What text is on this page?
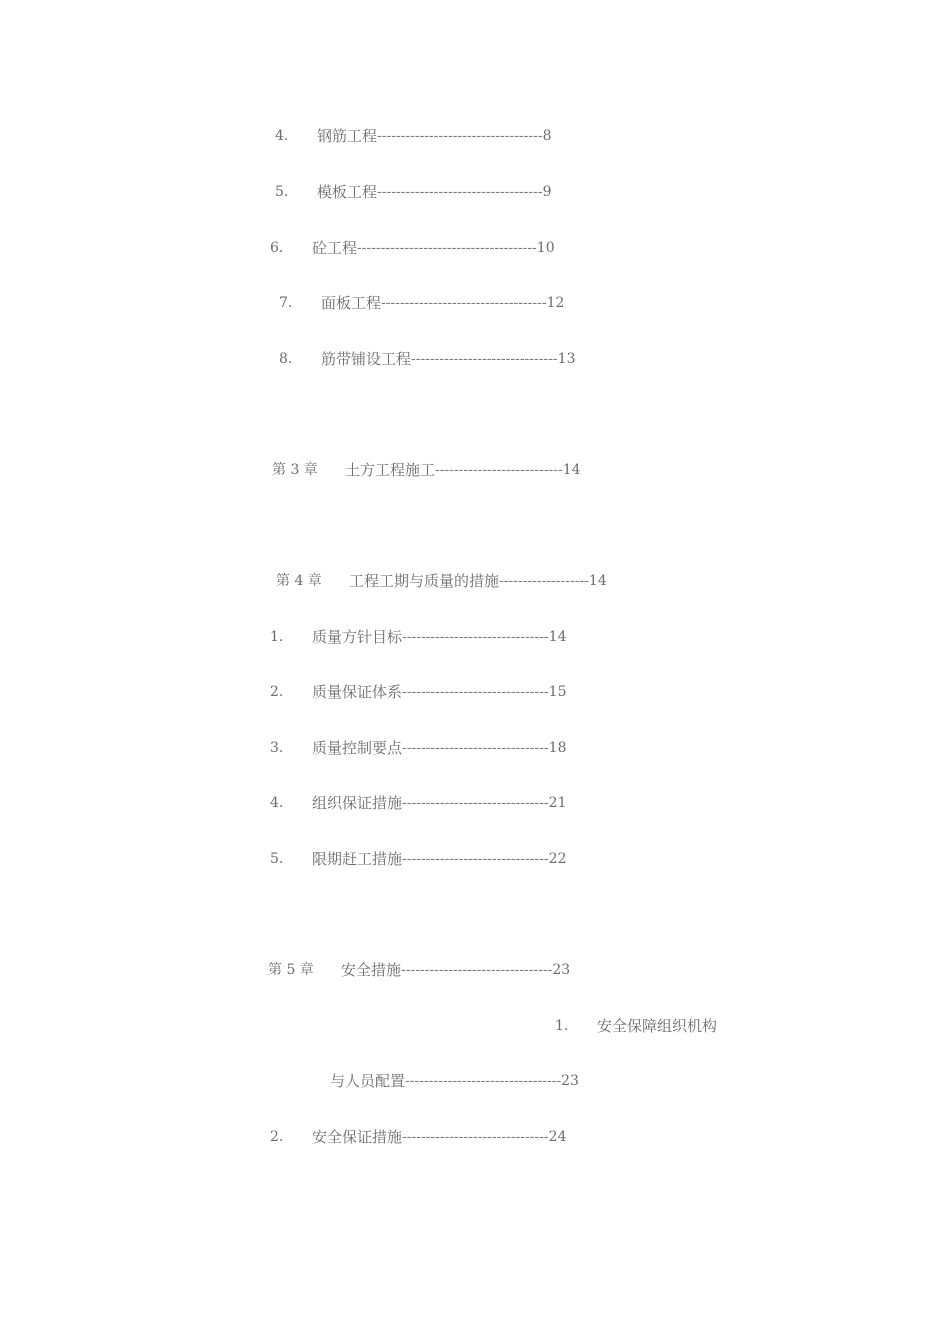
4.	钢筋工程 ----------------------------------- 8
5.	模板工程 ----------------------------------- 9
6.	砼工程 -------------------------------------- 10
7.	面板工程 ----------------------------------- 12
8.	筋带铺设工程 ------------------------------- 13
第 3 章	土方工程施工 --------------------------- 14
第 4 章	工程工期与质量的措施 ------------------- 14
1.	质量方针目标 ------------------------------- 14
2.	质量保证体系 ------------------------------- 15
3.	质量控制要点 ------------------------------- 18
4.	组织保证措施 ------------------------------- 21
5.	限期赶工措施 ------------------------------- 22
第 5 章	安全措施 -------------------------------- 23
1.	安全保障组织机构
与人员配置 --------------------------------- 23
2.	安全保证措施 ------------------------------- 24
